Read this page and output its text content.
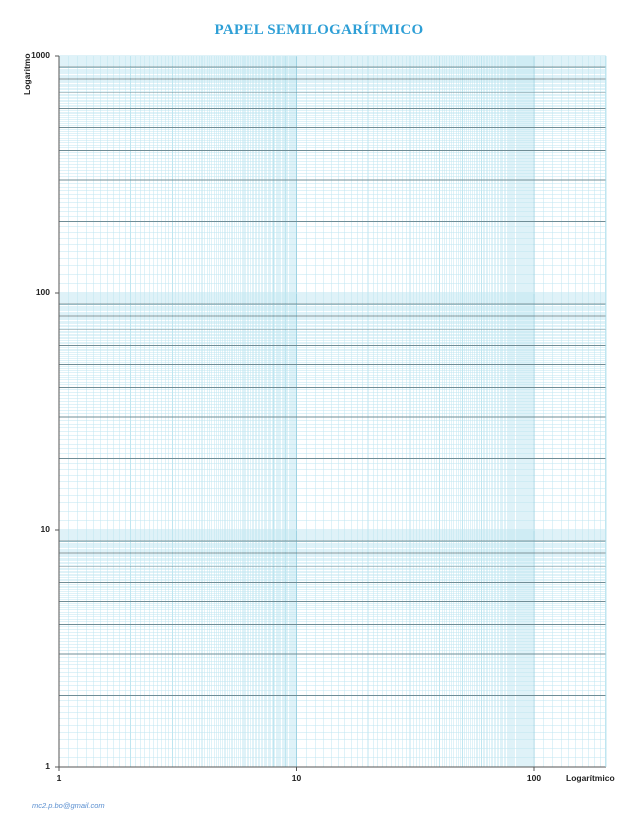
PAPEL SEMILOGARÍTMICO
Logaritmo
Logarítmico
1
10
100
1000
1	10	100
mc2.p.bo@gmail.com
